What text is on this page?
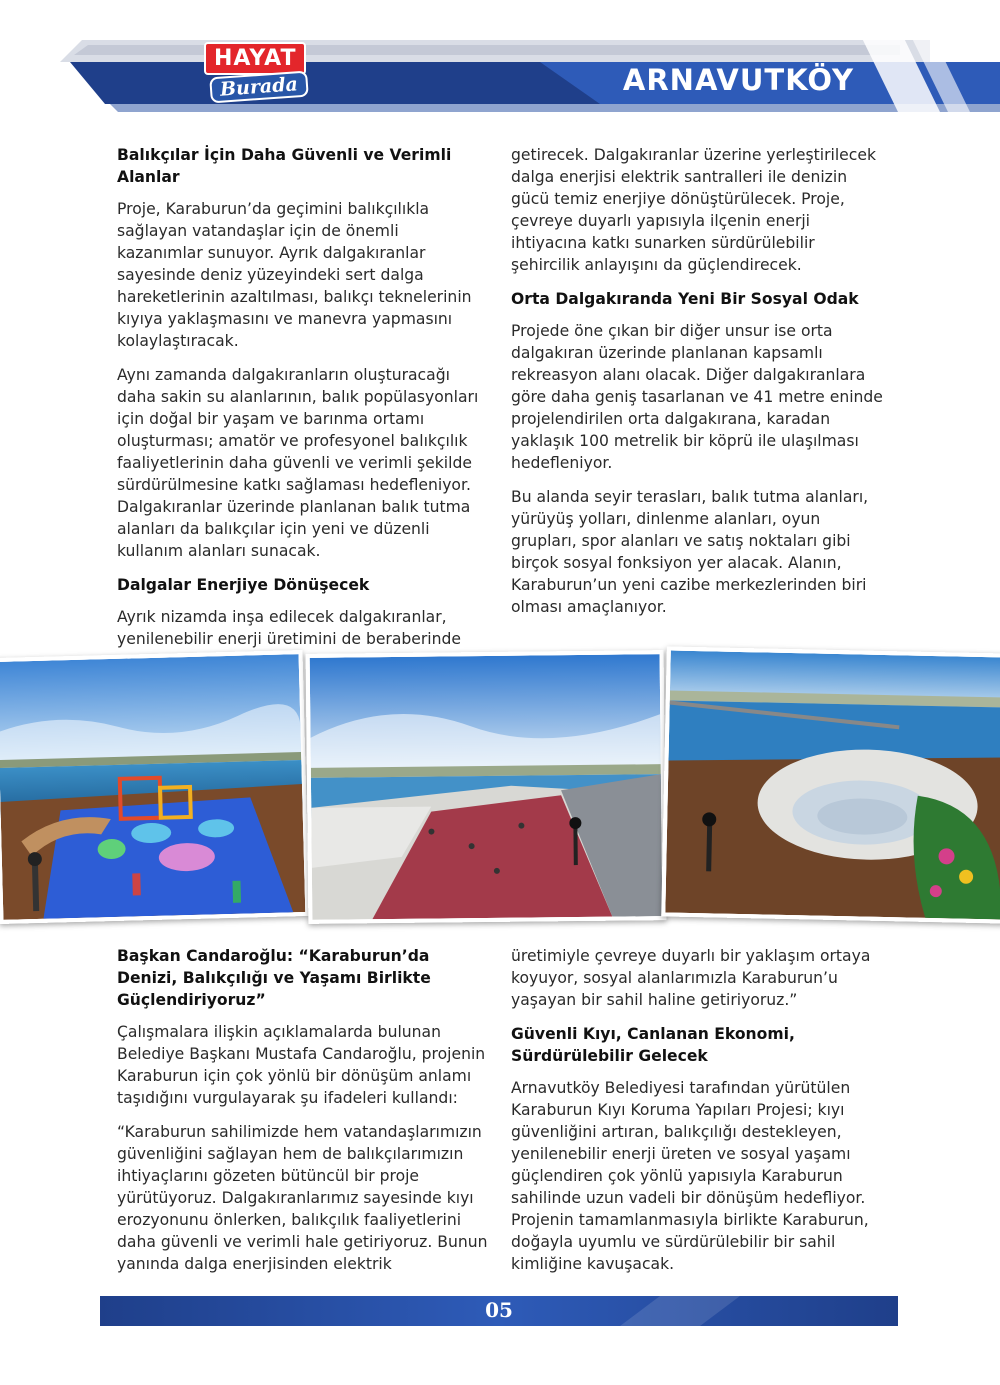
HAYAT
Burada	ARNAVUTKÖY
Balıkçılar İçin Daha Güvenli ve Verimli Alanlar

Proje, Karaburun’da geçimini balıkçılıkla sağlayan vatandaşlar için de önemli kazanımlar sunuyor. Ayrık dalgakıranlar sayesinde deniz yüzeyindeki sert dalga hareketlerinin azaltılması, balıkçı teknelerinin kıyıya yaklaşmasını ve manevra yapmasını kolaylaştıracak.

Aynı zamanda dalgakıranların oluşturacağı daha sakin su alanlarının, balık popülasyonları için doğal bir yaşam ve barınma ortamı oluşturması; amatör ve profesyonel balıkçılık faaliyetlerinin daha güvenli ve verimli şekilde sürdürülmesine katkı sağlaması hedefleniyor. Dalgakıranlar üzerinde planlanan balık tutma alanları da balıkçılar için yeni ve düzenli kullanım alanları sunacak.

Dalgalar Enerjiye Dönüşecek

Ayrık nizamda inşa edilecek dalgakıranlar, yenilenebilir enerji üretimini de beraberinde

getirecek. Dalgakıranlar üzerine yerleştirilecek dalga enerjisi elektrik santralleri ile denizin gücü temiz enerjiye dönüştürülecek. Proje, çevreye duyarlı yapısıyla ilçenin enerji ihtiyacına katkı sunarken sürdürülebilir şehircilik anlayışını da güçlendirecek.

Orta Dalgakıranda Yeni Bir Sosyal Odak

Projede öne çıkan bir diğer unsur ise orta dalgakıran üzerinde planlanan kapsamlı rekreasyon alanı olacak. Diğer dalgakıranlara göre daha geniş tasarlanan ve 41 metre eninde projelendirilen orta dalgakırana, karadan yaklaşık 100 metrelik bir köprü ile ulaşılması hedefleniyor.

Bu alanda seyir terasları, balık tutma alanları, yürüyüş yolları, dinlenme alanları, oyun grupları, spor alanları ve satış noktaları gibi birçok sosyal fonksiyon yer alacak. Alanın, Karaburun’un yeni cazibe merkezlerinden biri olması amaçlanıyor.

Başkan Candaroğlu: “Karaburun’da Denizi, Balıkçılığı ve Yaşamı Birlikte Güçlendiriyoruz”

Çalışmalara ilişkin açıklamalarda bulunan Belediye Başkanı Mustafa Candaroğlu, projenin Karaburun için çok yönlü bir dönüşüm anlamı taşıdığını vurgulayarak şu ifadeleri kullandı:

“Karaburun sahilimizde hem vatandaşlarımızın güvenliğini sağlayan hem de balıkçılarımızın ihtiyaçlarını gözeten bütüncül bir proje yürütüyoruz. Dalgakıranlarımız sayesinde kıyı erozyonunu önlerken, balıkçılık faaliyetlerini daha güvenli ve verimli hale getiriyoruz. Bunun yanında dalga enerjisinden elektrik

üretimiyle çevreye duyarlı bir yaklaşım ortaya koyuyor, sosyal alanlarımızla Karaburun’u yaşayan bir sahil haline getiriyoruz.”

Güvenli Kıyı, Canlanan Ekonomi, Sürdürülebilir Gelecek

Arnavutköy Belediyesi tarafından yürütülen Karaburun Kıyı Koruma Yapıları Projesi; kıyı güvenliğini artıran, balıkçılığı destekleyen, yenilenebilir enerji üreten ve sosyal yaşamı güçlendiren çok yönlü yapısıyla Karaburun sahilinde uzun vadeli bir dönüşüm hedefliyor. Projenin tamamlanmasıyla birlikte Karaburun, doğayla uyumlu ve sürdürülebilir bir sahil kimliğine kavuşacak.

05
